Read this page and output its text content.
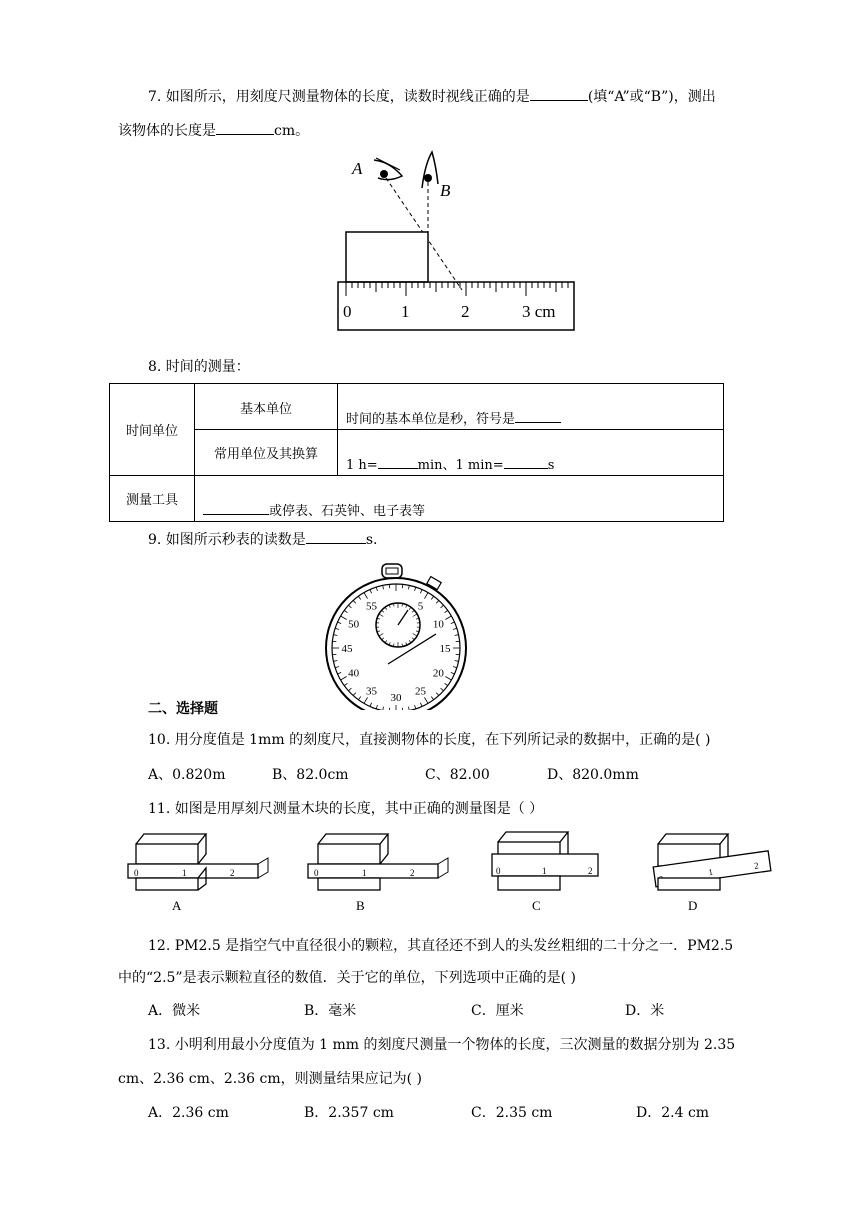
7. 如图所示，用刻度尺测量物体的长度，读数时视线正确的是	(填“A”或“B”)，测出
该物体的长度是	cm。
A
B
0	1	2	3 cm
8. 时间的测量：
时间单位	基本单位	时间的基本单位是秒，符号是
	常用单位及其换算	1 h= min、1 min= s
测量工具	或停表、石英钟、电子表等	
9. 如图所示秒表的读数是	s.
5
10
15
20
25
30
35
40
45
50
55
二、选择题
10. 用分度值是 1mm 的刻度尺，直接测物体的长度，在下列所记录的数据中，正确的是( )
A、0.820m	B、82.0cm	C、82.00	D、820.0mm
11. 如图是用厚刻尺测量木块的长度，其中正确的测量图是（ ）
0	1	2
A
0	1	2
B
0	1	2
C
1
2
D
12. PM2.5 是指空气中直径很小的颗粒，其直径还不到人的头发丝粗细的二十分之一．PM2.5
中的“2.5”是表示颗粒直径的数值．关于它的单位，下列选项中正确的是( )
A．微米	B．毫米	C．厘米	D．米
13. 小明利用最小分度值为 1 mm 的刻度尺测量一个物体的长度，三次测量的数据分别为 2.35
cm、2.36 cm、2.36 cm，则测量结果应记为( )
A．2.36 cm	B．2.357 cm	C．2.35 cm	D．2.4 cm
